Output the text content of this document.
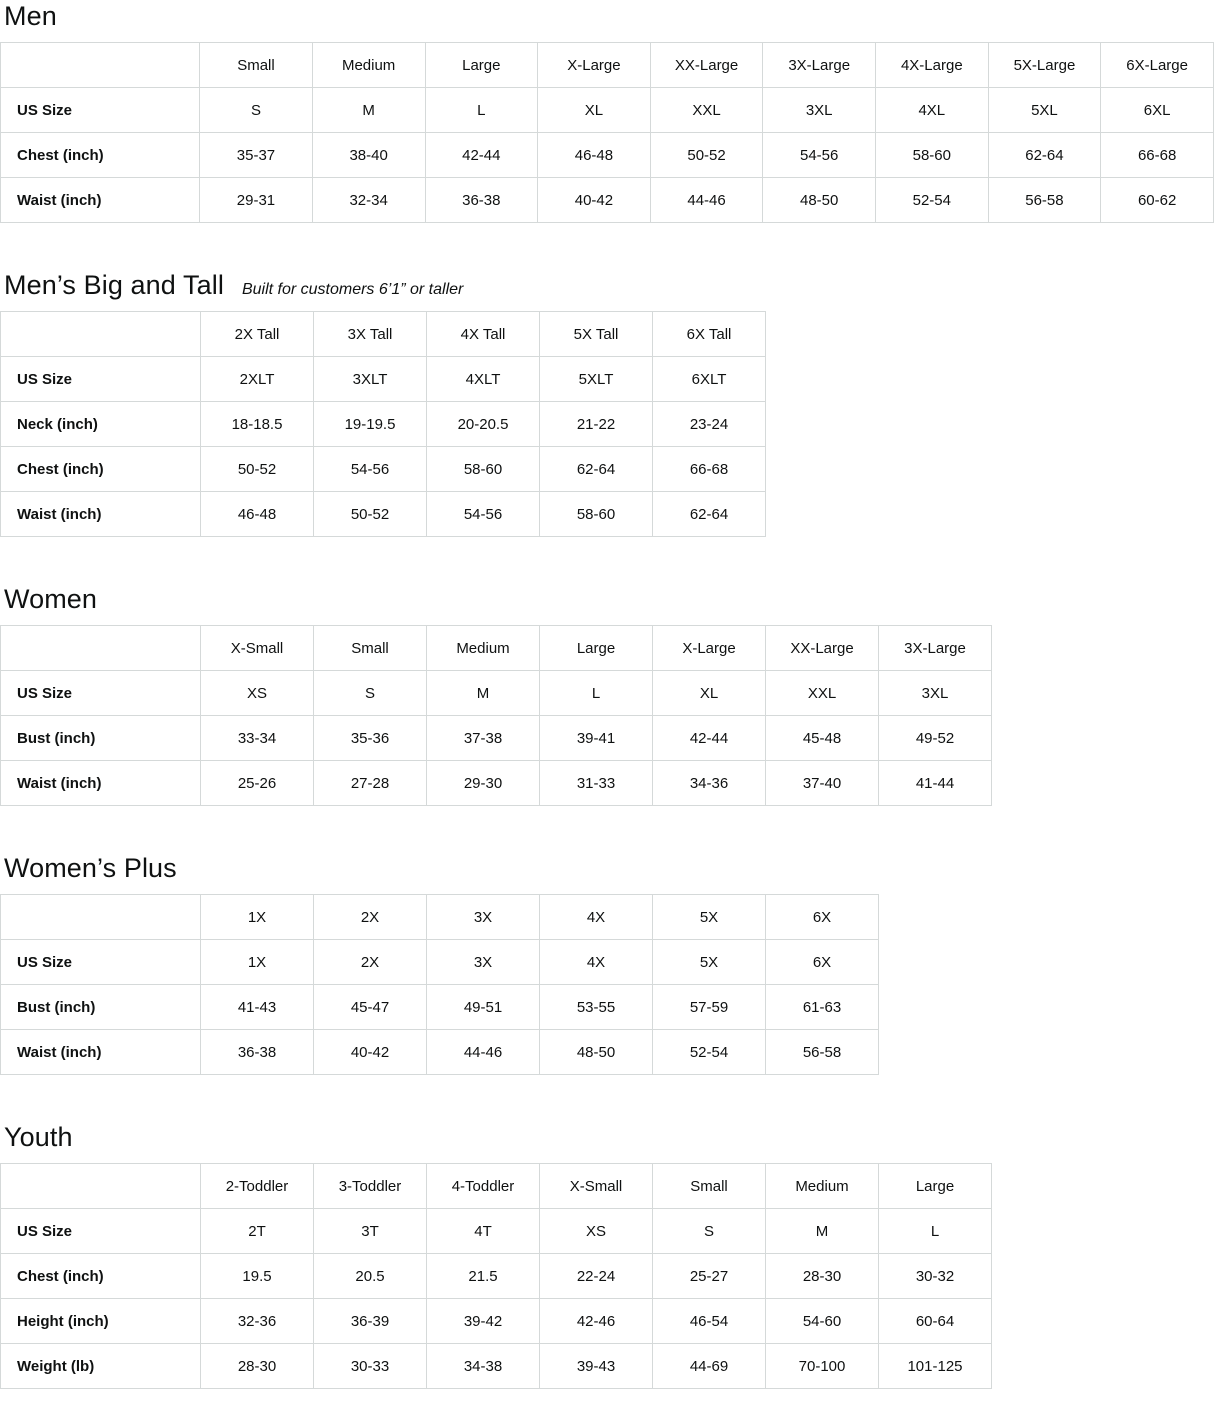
Men
	Small	Medium	Large	X-Large	XX-Large	3X-Large	4X-Large	5X-Large	6X-Large
US Size	S	M	L	XL	XXL	3XL	4XL	5XL	6XL
Chest (inch)	35-37	38-40	42-44	46-48	50-52	54-56	58-60	62-64	66-68
Waist (inch)	29-31	32-34	36-38	40-42	44-46	48-50	52-54	56-58	60-62
Men’s Big and Tall Built for customers 6’1” or taller
	2X Tall	3X Tall	4X Tall	5X Tall	6X Tall
US Size	2XLT	3XLT	4XLT	5XLT	6XLT
Neck (inch)	18-18.5	19-19.5	20-20.5	21-22	23-24
Chest (inch)	50-52	54-56	58-60	62-64	66-68
Waist (inch)	46-48	50-52	54-56	58-60	62-64
Women
	X-Small	Small	Medium	Large	X-Large	XX-Large	3X-Large
US Size	XS	S	M	L	XL	XXL	3XL
Bust (inch)	33-34	35-36	37-38	39-41	42-44	45-48	49-52
Waist (inch)	25-26	27-28	29-30	31-33	34-36	37-40	41-44
Women’s Plus
	1X	2X	3X	4X	5X	6X
US Size	1X	2X	3X	4X	5X	6X
Bust (inch)	41-43	45-47	49-51	53-55	57-59	61-63
Waist (inch)	36-38	40-42	44-46	48-50	52-54	56-58
Youth
	2-Toddler	3-Toddler	4-Toddler	X-Small	Small	Medium	Large
US Size	2T	3T	4T	XS	S	M	L
Chest (inch)	19.5	20.5	21.5	22-24	25-27	28-30	30-32
Height (inch)	32-36	36-39	39-42	42-46	46-54	54-60	60-64
Weight (lb)	28-30	30-33	34-38	39-43	44-69	70-100	101-125
